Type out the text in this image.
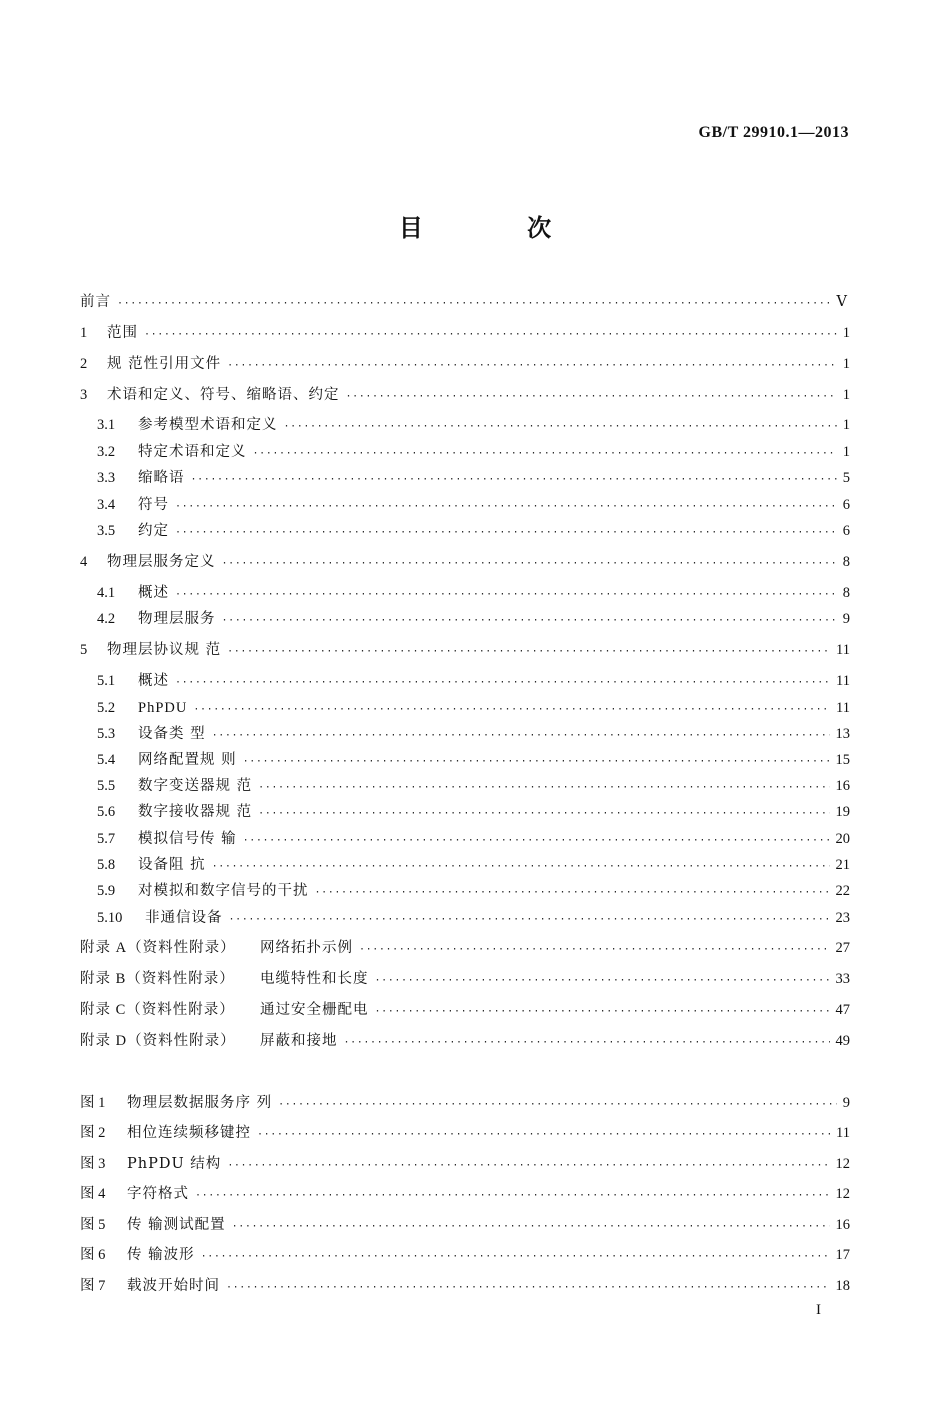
GB/T 29910.1—2013
目 次
前言 ·····	Ⅴ
1	范围 ·····	1
2	规 范性引用文件 ·····	1
3	术语和定义、符号、缩略语、约定 ·····	1
3.1	参考模型术语和定义 ·····	1
3.2	特定术语和定义 ·····	1
3.3	缩略语 ·····	5
3.4	符号 ·····	6
3.5	约定 ·····	6
4	物理层服务定义 ·····	8
4.1	概述 ·····	8
4.2	物理层服务 ·····	9
5	物理层协议规 范 ·····	11
5.1	概述 ·····	11
5.2	PhPDU ·····	11
5.3	设备类 型 ·····	13
5.4	网络配置规 则 ·····	15
5.5	数字变送器规 范 ·····	16
5.6	数字接收器规 范 ·····	19
5.7	模拟信号传 输 ·····	20
5.8	设备阻 抗 ·····	21
5.9	对模拟和数字信号的干扰 ·····	22
5.10	非通信设备 ·····	23
附录 A（资料性附录）	网络拓扑示例 ·····	27
附录 B（资料性附录）	电缆特性和长度 ·····	33
附录 C（资料性附录）	通过安全栅配电 ·····	47
附录 D（资料性附录）	屏蔽和接地 ·····	49
图 1	物理层数据服务序 列 ·····	9
图 2	相位连续频移键控 ·····	11
图 3	PhPDU 结构 ·····	12
图 4	字符格式 ·····	12
图 5	传 输测试配置 ·····	16
图 6	传 输波形 ·····	17
图 7	载波开始时间 ·····	18
I
